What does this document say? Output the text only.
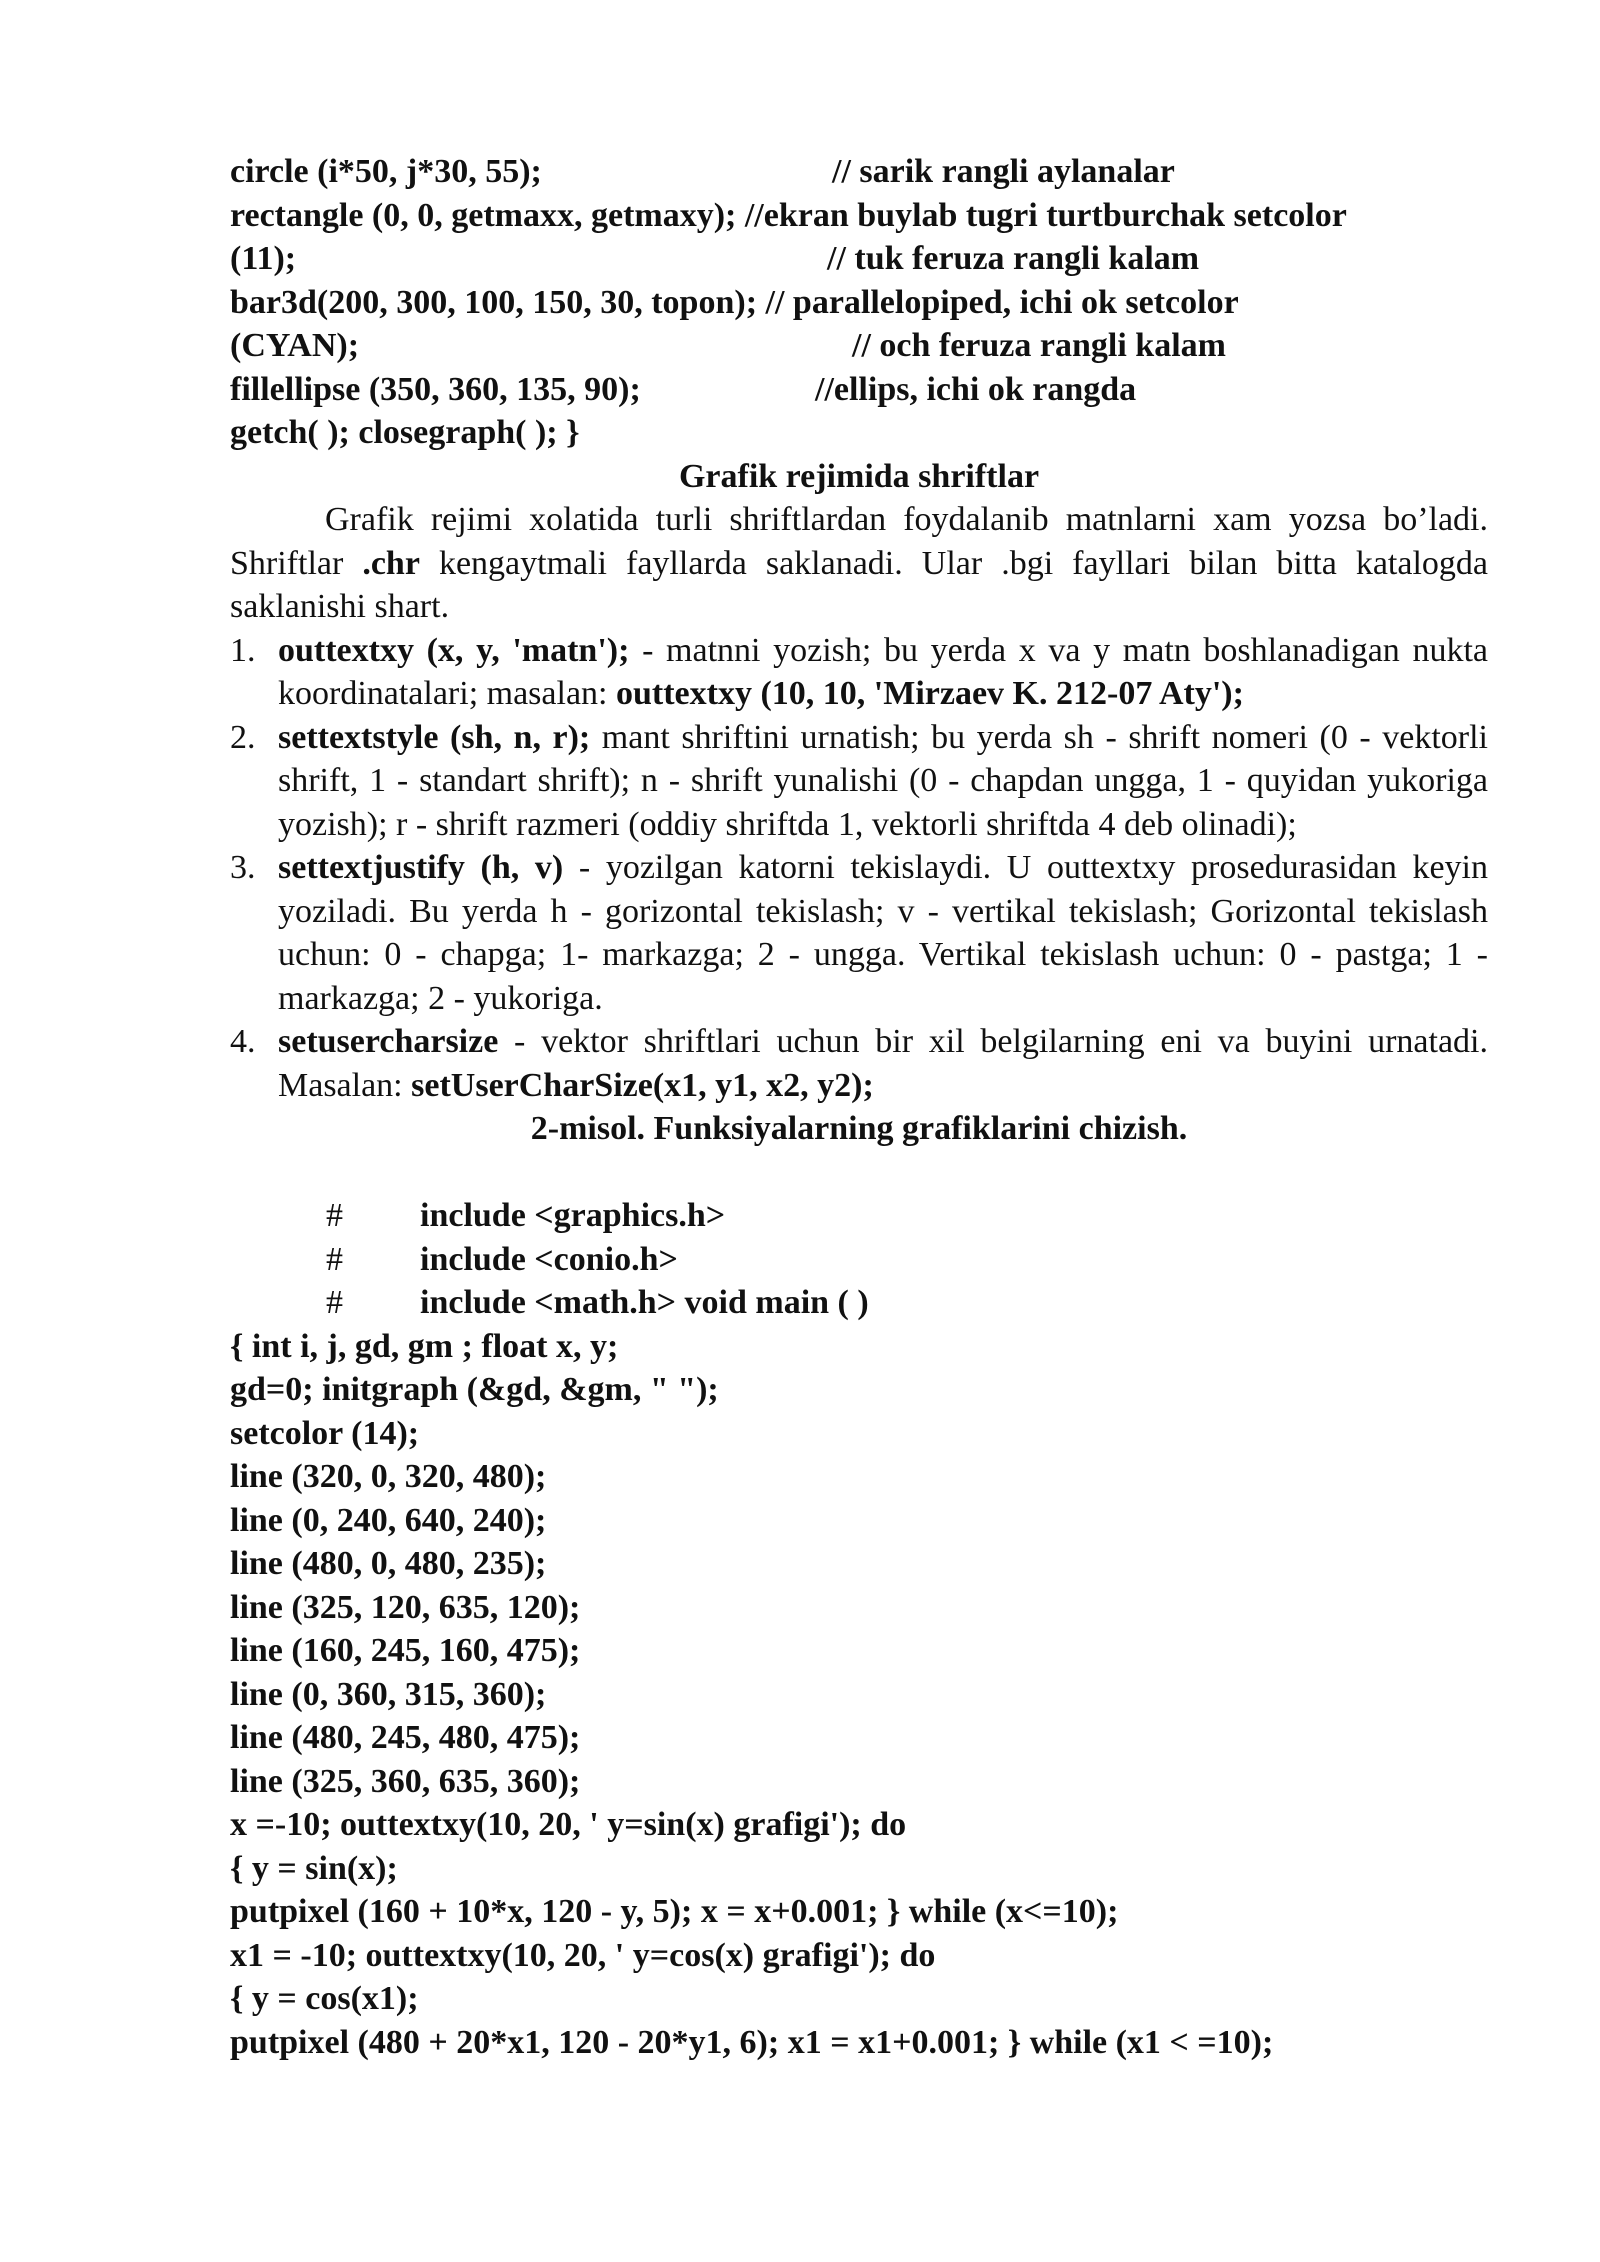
circle (i*50, j*30, 55);	// sarik rangli aylanalar
rectangle (0, 0, getmaxx, getmaxy); //ekran buylab tugri turtburchak setcolor
(11);	// tuk feruza rangli kalam
bar3d(200, 300, 100, 150, 30, topon); // parallelopiped, ichi ok setcolor
(CYAN);	// och feruza rangli kalam
fillellipse (350, 360, 135, 90);	//ellips, ichi ok rangda
getch( ); closegraph( ); }
Grafik rejimida shriftlar
Grafik rejimi xolatida turli shriftlardan foydalanib matnlarni xam yozsa bo’ladi. Shriftlar .chr kengaytmali fayllarda saklanadi. Ular .bgi fayllari bilan bitta katalogda saklanishi shart.
1. outtextxy (x, y, 'matn'); - matnni yozish; bu yerda x va y matn boshlanadigan nukta koordinatalari; masalan: outtextxy (10, 10, 'Mirzaev K. 212-07 Aty');
2. settextstyle (sh, n, r); mant shriftini urnatish; bu yerda sh - shrift nomeri (0 - vektorli shrift, 1 - standart shrift); n - shrift yunalishi (0 - chapdan ungga, 1 - quyidan yukoriga yozish); r - shrift razmeri (oddiy shriftda 1, vektorli shriftda 4 deb olinadi);
3. settextjustify (h, v) - yozilgan katorni tekislaydi. U outtextxy prosedurasidan keyin yoziladi. Bu yerda h - gorizontal tekislash; v - vertikal tekislash; Gorizontal tekislash uchun: 0 - chapga; 1- markazga; 2 - ungga. Vertikal tekislash uchun: 0 - pastga; 1 - markazga; 2 - yukoriga.
4. setusercharsize - vektor shriftlari uchun bir xil belgilarning eni va buyini urnatadi. Masalan: setUserCharSize(x1, y1, x2, y2);
2-misol. Funksiyalarning grafiklarini chizish.
# include <graphics.h>
# include <conio.h>
# include <math.h> void main ( )
{ int i, j, gd, gm ; float x, y;
gd=0; initgraph (&gd, &gm, " ");
setcolor (14);
line (320, 0, 320, 480);
line (0, 240, 640, 240);
line (480, 0, 480, 235);
line (325, 120, 635, 120);
line (160, 245, 160, 475);
line (0, 360, 315, 360);
line (480, 245, 480, 475);
line (325, 360, 635, 360);
x =-10; outtextxy(10, 20, ' y=sin(x) grafigi'); do
{ y = sin(x);
putpixel (160 + 10*x, 120 - y, 5); x = x+0.001; } while (x<=10);
x1 = -10; outtextxy(10, 20, ' y=cos(x) grafigi'); do
{ y = cos(x1);
putpixel (480 + 20*x1, 120 - 20*y1, 6); x1 = x1+0.001; } while (x1 < =10);
